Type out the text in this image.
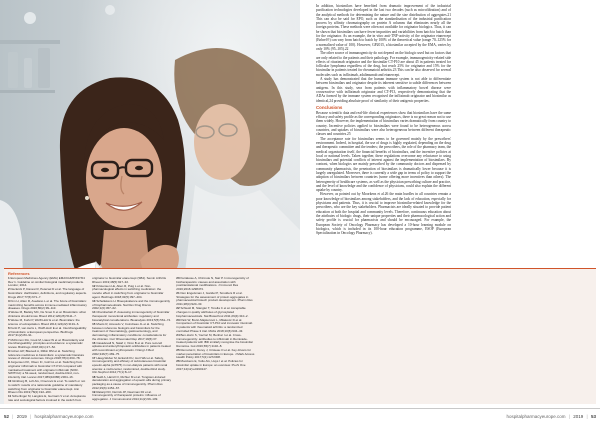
In addition, biosimilars have benefited from dramatic improvement of the industrial purification technologies developed in the last two decades (such as microfiltration) and of the analytical methods for determining the nature and the size distribution of aggregates.21 This can also be said for EPO, such as the standardisation of the industrial purification process by affinity chromatography on protein A columns that eliminates nearly all the foreign proteins. These methods were often not available for originator biologics. Thus, it can be shown that biosimilars can have fewer impurities and variabilities from batch to batch than for the originator. As an example, the in vitro anti-TNF-activity of the originator etanercept (Enbrel®) can vary from batch to batch by 100% of the theoretical value (range 70–125% for a normalised value of 100). However, GP2015, a biosimilar accepted by the EMA, varies by only 10% (95–105).22

The other source of immunogenicity do not depend on the biologic used but on factors that are only related to the patients and their pathology. For example, immunogenicity-related side effects of rituximab originator and the biosimilar CT-P10 are about 45 in patients treated for follicular lymphoma regardless of the drug, but reach 25% for originator and 15% for the biosimilar in patients treated for rheumatoid arthritis.23 This can be also observed for several molecules such as infliximab, adalimumab and etanercept.

A study has demonstrated that the human immune system is not able to differentiate between biosimilars and originator despite its inherent sensitive to subtle differences between antigens. In this study, sera from patients with inflammatory bowel disease were crossreactive with infliximab originator and CT-P13, respectively demonstrating that the ADAs formed by the immune system recognised the infliximab originator and biosimilar as identical,24 providing absolute proof of similarity of their antigenic properties.

Conclusions

Because scientific data and real-life clinical experiences show that biosimilars have the same efficacy and safety profile as the corresponding originators, there is no great reason not to use them widely. However, the implementation of biosimilars varies dramatically from country to country. Incentive policies applied to biosimilars were found to be heterogeneous across countries, and uptakes of biosimilars were also heterogeneous between different therapeutic classes and countries.25

The acceptance rate for biosimilars seems to be governed mainly by the prescribers' environment. Indeed, in hospital, the use of drugs is highly regulated, depending on the drug and therapeutic committee and the tenders; the prescribers, the role of the pharmacy team, the medical organisation itself, the financial benefits of biosimilars, and the incentive policies at local or national levels. Taken together, these regulations overcome any reluctance to using biosimilars and potential conflicts of interest against the implementation of biosimilars. By contrast, when biologics are mainly prescribed by the community doctors and dispensed by community pharmacists, the penetration of biosimilars is dramatically lower because it is largely unregulated. Moreover, there is currently a wide gap in terms of policy to support the adoption of biosimilars between countries (some offering more incentives than others). The heterogeneity of healthcare systems, as well as the physician prescribing culture and practice, and the level of knowledge and the confidence of physicians, could also explain the different uptake by country.

However, as pointed out by Moorkens et al.26 the main hurdles in all countries remain a poor knowledge of biosimilars among stakeholders, and the lack of education, especially for physicians and patients. Thus, it is crucial to improve biosimilar-related knowledge for the prescribers, who are the key stakeholders. Pharmacists are ideally situated to provide patient education at both the hospital and community levels. Therefore, continuous education about the attributes of biologic drugs, their unique properties and their pharmacological action and safety profile is crucial for pharmacists and should be encouraged. For example, the European Society of Oncology Pharmacy has developed a 10-hour learning module on biologics, which is included in its 100-hour education programme, ESOP (European Specialization in Oncology Pharmacy).

References
1 European Medicines Agency (EMA) EMA/CHMP/437/04 Rev 1. Guideline on similar biological medicinal products. London; 2014.
2 Declerck P, Danesi R, Petersel D et al. The language of biosimilars: clarification, definitions, and regulatory aspects. Drugs 2017;77(6):671–7.
3 Kim H, Alten R, Avedano L et al. The future of biosimilars: maximizing benefits across immune-mediated inflammatory diseases. Drugs 2020;80(2):99–113.
4 Weise M, Bielsky MC, De Smet K et al. Biosimilars: what clinicians should know. Blood 2012;120(26):5111–7.
5 Weise M, Kurki P, Wolff-Holz E et al. Biosimilars: the science of extrapolation. Blood 2014;124(22):3191–6.
6 Kurki P, van Aerts L, Wolff-Holz E et al. Interchangeability of biosimilars: a European perspective. BioDrugs 2017;31(2):83–91.
7 McKinnon RA, Cook M, Liauw W et al. Biosimilarity and interchangeability: principles and evidence: a systematic review. BioDrugs 2018;32(1):27–52.
8 Cohen HP, Blauvelt A, Rifkin RM et al. Switching reference medicines to biosimilars: a systematic literature review of clinical outcomes. Drugs 2018;78(4):463–78.
9 Jorgensen KK, Olsen IC, Goll GL et al. Switching from originator infliximab to biosimilar CT-P13 compared with maintained treatment with originator infliximab (NOR-SWITCH): a 52-week, randomised, double-blind, non-inferiority trial. Lancet 2017;389(10086):2304–16.
10 Glintborg B, Loft AG, Omerovic E et al. To switch or not to switch: results of a nationwide guideline of mandatory switching from originator to biosimilar etanercept. Ann Rheum Dis 2019;78(2):192–200.
11 Scherlinger M, Langlois E, Germain V et al. Acceptance rate and sociological factors involved in the switch from originator to biosimilar etanercept (SB4). Semin Arthritis Rheum 2019;48(5):927–32.
12 Kristensen LE, Alten R, Puig L et al. Non-pharmacological effects in switching medication: the nocebo effect in switching from originator to biosimilar agent. BioDrugs 2018;32(5):397–404.
13 Schellekens H. Bioequivalence and the immunogenicity of biopharmaceuticals. Nat Rev Drug Discov 2002;1(6):457–62.
14 Chamberlain P. Assessing immunogenicity of biosimilar therapeutic monoclonal antibodies: regulatory and bioanalytical considerations. Bioanalysis 2013;5(5):561–74.
15 Moots R, Azevedo V, Coindreau JL et al. Switching between reference biologics and biosimilars for the treatment of rheumatology, gastroenterology, and dermatology inflammatory conditions: considerations for the clinician. Curr Rheumatol Rep 2017;19(6):37.
16 Casadevall N, Nataf J, Viron B et al. Pure red-cell aplasia and antierythropoietin antibodies in patients treated with recombinant erythropoietin. N Engl J Med 2002;346(7):469–75.
17 Haag-Weber M, Eckardt KU, Horl WH et al. Safety, immunogenicity and efficacy of subcutaneous biosimilar epoetin-alpha (HX575) in non-dialysis patients with renal anemia: a multi-center, randomized, double-blind study. Clin Nephrol 2012;77(1):8–17.
18 Seidl A, Hainzl O, Richter M et al. Tungsten-induced denaturation and aggregation of epoetin alfa during primary packaging as a cause of immunogenicity. Pharm Res 2012;29(6):1454–67.
19 Ratanji KD, Derrick JP, Dearman RJ et al. Immunogenicity of therapeutic proteins: influence of aggregation. J Immunotoxicol 2014;11(2):99–109.
20 Kuriakose A, Chirmule N, Nair P. Immunogenicity of biotherapeutics: causes and association with posttranslational modifications. J Immunol Res 2016;2016:1298473.
21 Den Engelsman J, Garidel P, Smulders R et al. Strategies for the assessment of protein aggregates in pharmaceutical biotech product development. Pharm Res 2011;28(4):920–33.
22 Schiestl M, Stangler T, Torella C et al. Acceptable changes in quality attributes of glycosylated biopharmaceuticals. Nat Biotechnol 2011;29(4):310–2.
23 Park W, Bozic-Majstorovic L, Milakovic D et al. Comparison of biosimilar CT-P10 and innovator rituximab in patients with rheumatoid arthritis: a randomized controlled Phase 3 trial. MAbs 2018;10(6):934–43.
24 Ben-Horin S, Yavzori M, Benhar I et al. Cross-immunogenicity: antibodies to infliximab in Remicade-treated patients with IBD similarly recognise the biosimilar Remsima. Gut 2016;65(7):1132–8.
25 Remuzat C, Dorey J, Cristeau O et al. Key drivers for market penetration of biosimilars in Europe. J Mark Access Health Policy 2017;5(1):1272308.
26 Moorkens E, Vulto AG, Huys I et al. Policies for biosimilar uptake in Europe: an overview. PLoS One 2017;12(12):e0190147.
52 | 2019 | hospitalpharmacyeurope.com	hospitalpharmacyeurope.com | 2019 | 53
